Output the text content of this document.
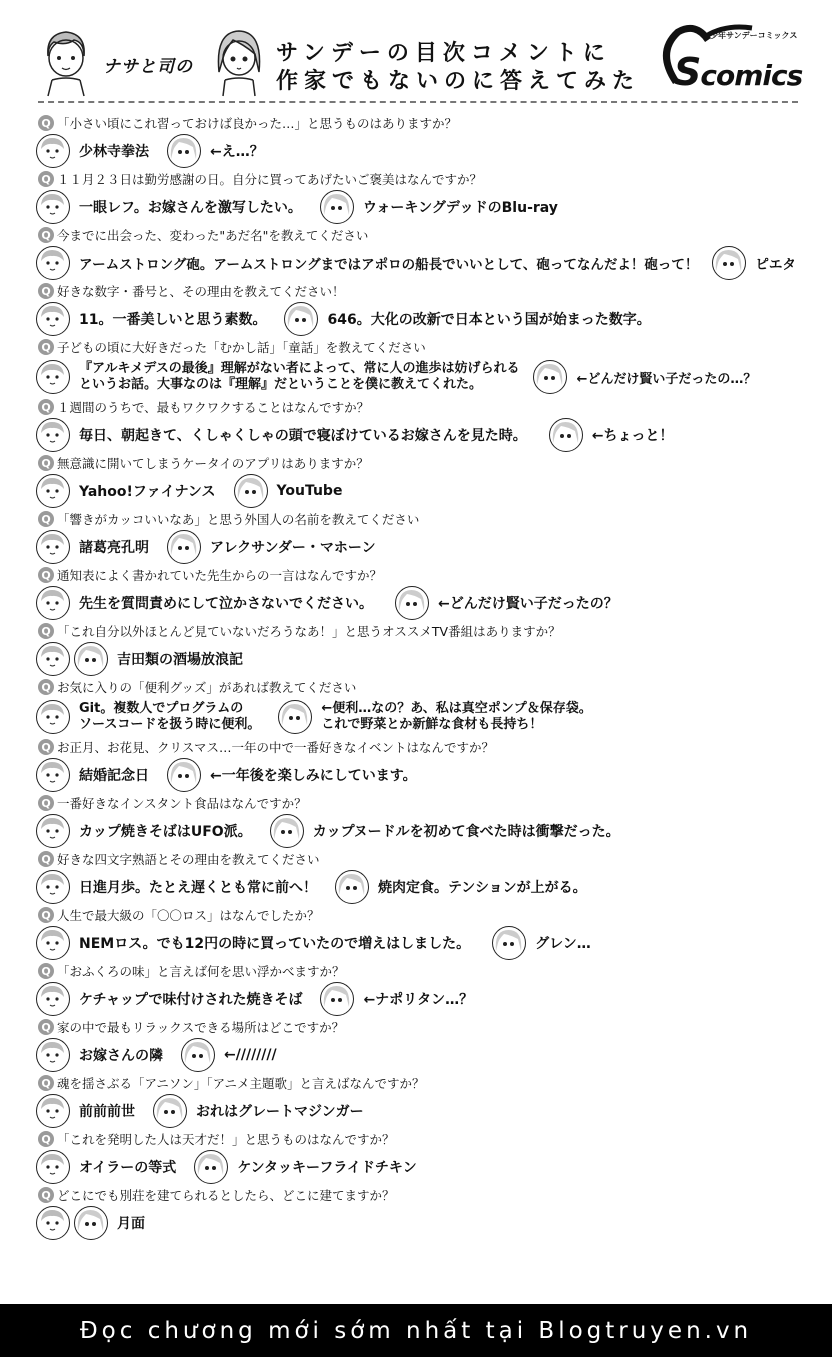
ナサと司の
サンデーの目次コメントに
作家でもないのに答えてみた
少年サンデーコミックス
Scomics
Q 「小さい頃にこれ習っておけば良かった…」と思うものはありますか？
少林寺拳法	←え…？
Q １１月２３日は勤労感謝の日。自分に買ってあげたいご褒美はなんですか？
一眼レフ。お嫁さんを激写したい。	ウォーキングデッドのBlu-ray
Q 今までに出会った、変わった"あだ名"を教えてください
アームストロング砲。アームストロングまではアポロの船長でいいとして、砲ってなんだよ！砲って！	ピエタ
Q 好きな数字・番号と、その理由を教えてください！
11。一番美しいと思う素数。	646。大化の改新で日本という国が始まった数字。
Q 子どもの頃に大好きだった「むかし話」「童話」を教えてください
『アルキメデスの最後』理解がない者によって、常に人の進歩は妨げられる
というお話。大事なのは『理解』だということを僕に教えてくれた。	←どんだけ賢い子だったの…？
Q １週間のうちで、最もワクワクすることはなんですか？
毎日、朝起きて、くしゃくしゃの頭で寝ぼけているお嫁さんを見た時。	←ちょっと！
Q 無意識に開いてしまうケータイのアプリはありますか？
Yahoo!ファイナンス	YouTube
Q 「響きがカッコいいなあ」と思う外国人の名前を教えてください
諸葛亮孔明	アレクサンダー・マホーン
Q 通知表によく書かれていた先生からの一言はなんですか？
先生を質問責めにして泣かさないでください。	←どんだけ賢い子だったの？
Q 「これ自分以外ほとんど見ていないだろうなあ！」と思うオススメTV番組はありますか？
吉田類の酒場放浪記
Q お気に入りの「便利グッズ」があれば教えてください
Git。複数人でプログラムの
ソースコードを扱う時に便利。
←便利…なの？あ、私は真空ポンプ＆保存袋。
これで野菜とか新鮮な食材も長持ち！
Q お正月、お花見、クリスマス…一年の中で一番好きなイベントはなんですか？
結婚記念日	←一年後を楽しみにしています。
Q 一番好きなインスタント食品はなんですか？
カップ焼きそばはUFO派。	カップヌードルを初めて食べた時は衝撃だった。
Q 好きな四文字熟語とその理由を教えてください
日進月歩。たとえ遅くとも常に前へ！	焼肉定食。テンションが上がる。
Q 人生で最大級の「〇〇ロス」はなんでしたか？
NEMロス。でも12円の時に買っていたので増えはしました。	グレン…
Q 「おふくろの味」と言えば何を思い浮かべますか？
ケチャップで味付けされた焼きそば	←ナポリタン…？
Q 家の中で最もリラックスできる場所はどこですか？
お嫁さんの隣	←////////
Q 魂を揺さぶる「アニソン」「アニメ主題歌」と言えばなんですか？
前前前世	おれはグレートマジンガー
Q 「これを発明した人は天才だ！」と思うものはなんですか？
オイラーの等式	ケンタッキーフライドチキン
Q どこにでも別荘を建てられるとしたら、どこに建てますか？
月面
Đọc chương mới sớm nhất tại Blogtruyen.vn
